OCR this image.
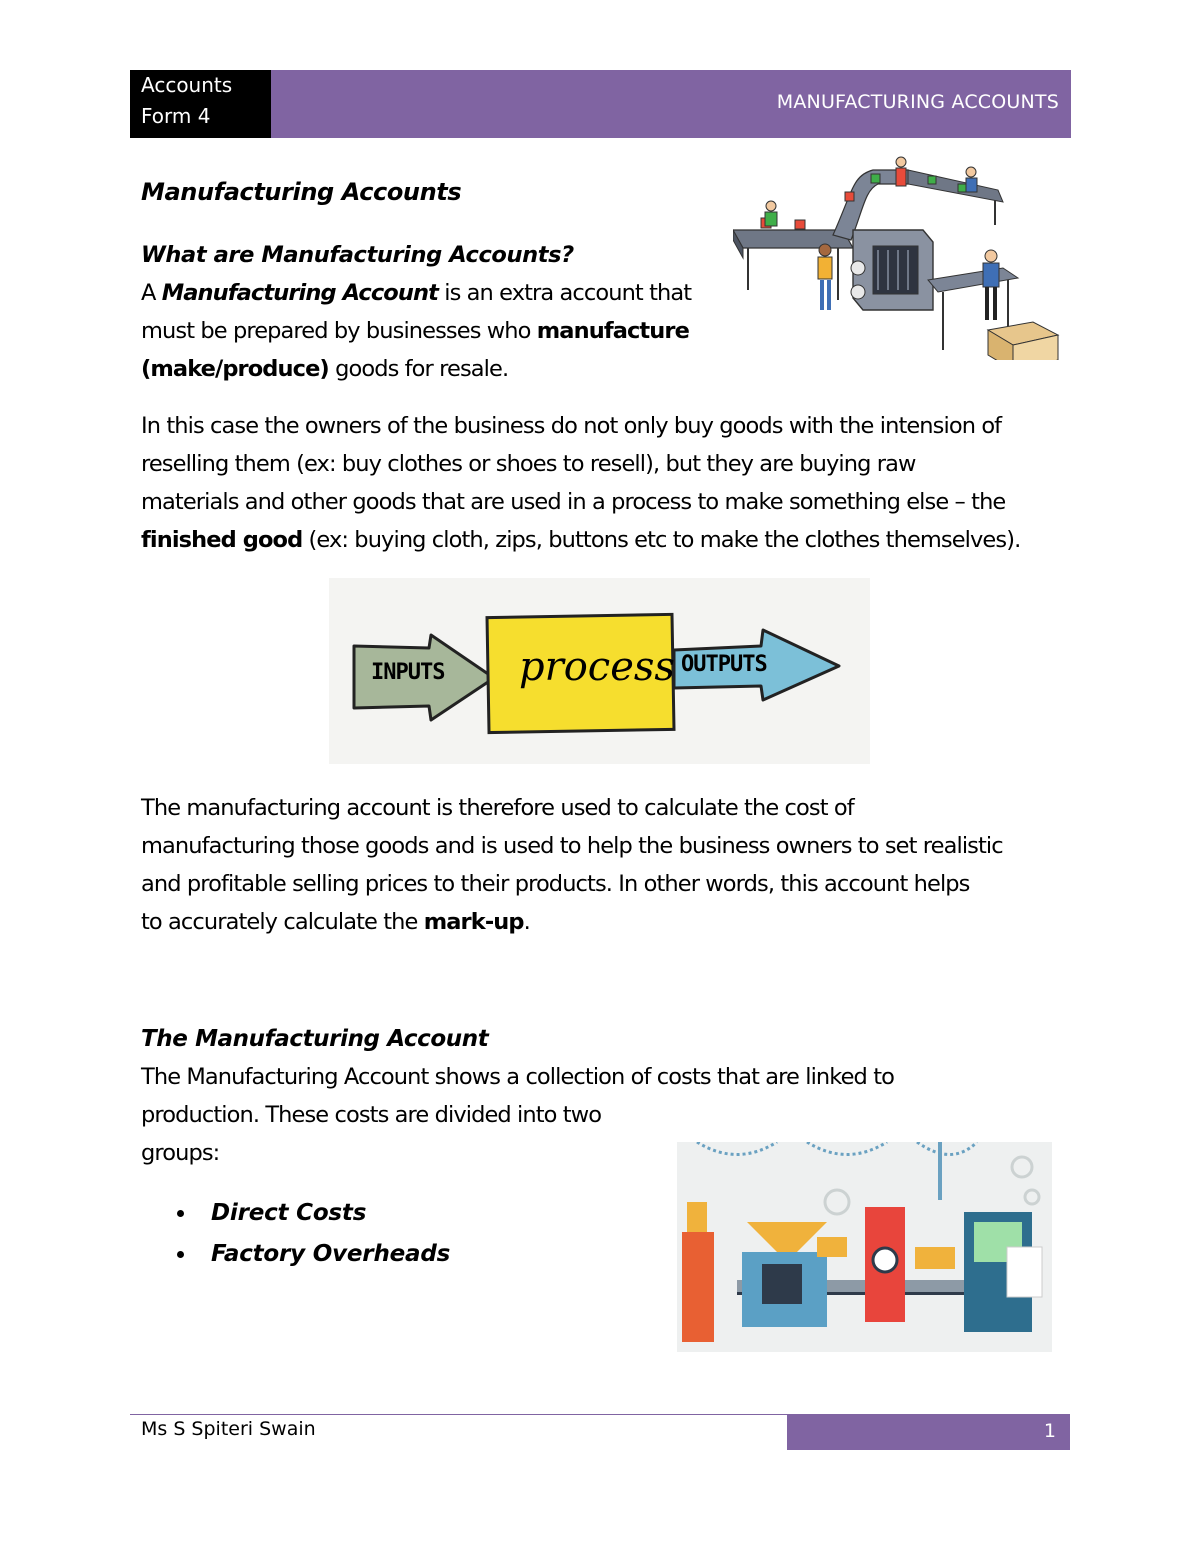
Accounts
Form 4
MANUFACTURING ACCOUNTS
Manufacturing Accounts
What are Manufacturing Accounts?
A Manufacturing Account is an extra account that
must be prepared by businesses who manufacture
(make/produce) goods for resale.
In this case the owners of the business do not only buy goods with the intension of
reselling them (ex: buy clothes or shoes to resell), but they are buying raw
materials and other goods that are used in a process to make something else – the
finished good (ex: buying cloth, zips, buttons etc to make the clothes themselves).
INPUTS process OUTPUTS
The manufacturing account is therefore used to calculate the cost of
manufacturing those goods and is used to help the business owners to set realistic
and profitable selling prices to their products. In other words, this account helps
to accurately calculate the mark-up.
The Manufacturing Account
The Manufacturing Account shows a collection of costs that are linked to
production. These costs are divided into two
groups:
Direct Costs
Factory Overheads
Ms S Spiteri Swain	1
